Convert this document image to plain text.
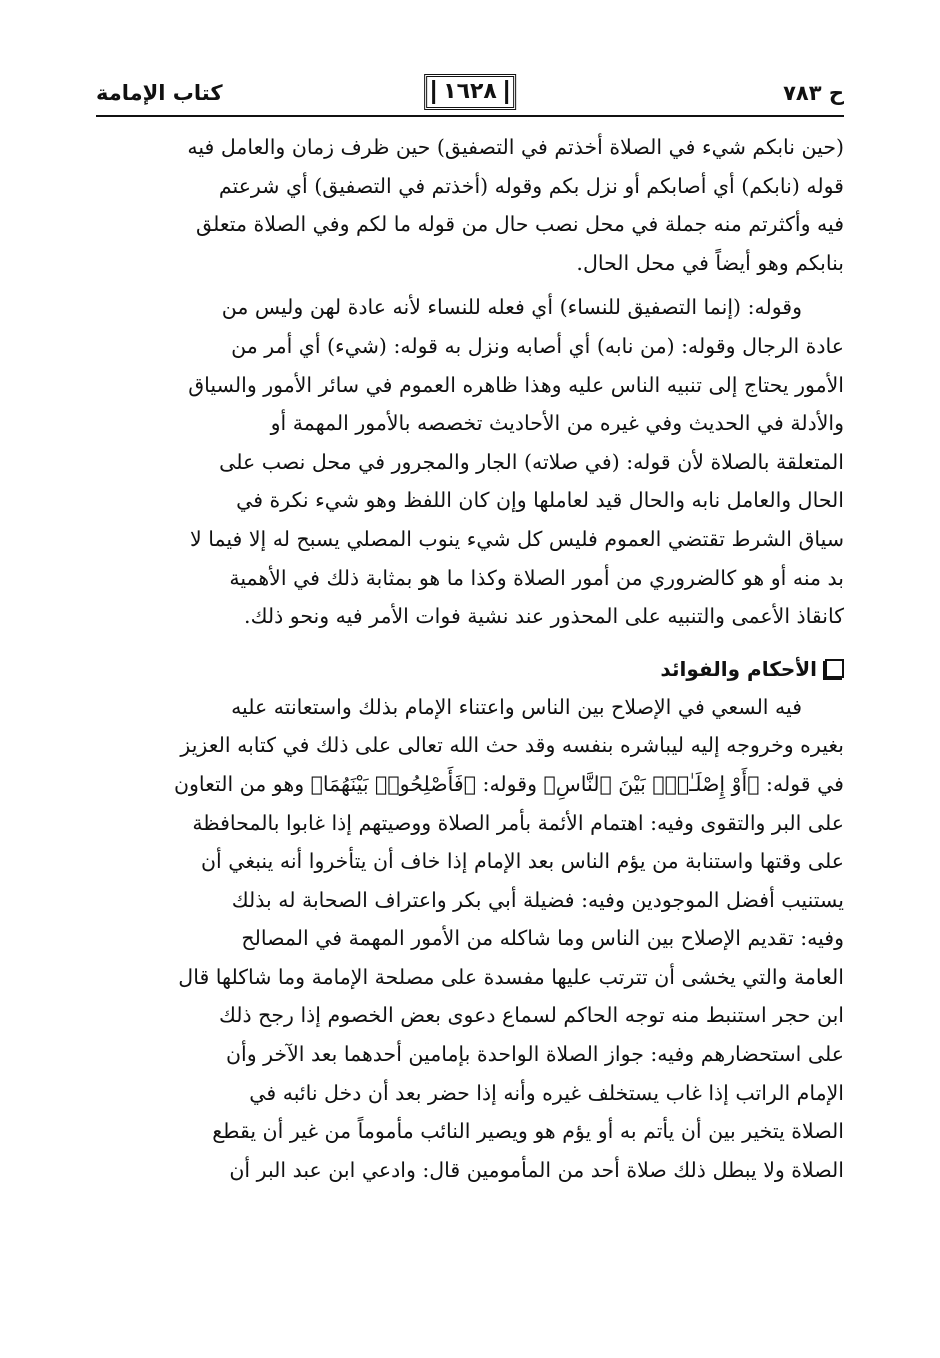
ح ٧٨٣
١٦٢٨
كتاب الإمامة

(حين نابكم شيء في الصلاة أخذتم في التصفيق) حين ظرف زمان والعامل فيه

قوله (نابكم) أي أصابكم أو نزل بكم وقوله (أخذتم في التصفيق) أي شرعتم

فيه وأكثرتم منه جملة في محل نصب حال من قوله ما لكم وفي الصلاة متعلق

بنابكم وهو أيضاً في محل الحال.

وقوله: (إنما التصفيق للنساء) أي فعله للنساء لأنه عادة لهن وليس من

عادة الرجال وقوله: (من نابه) أي أصابه ونزل به قوله: (شيء) أي أمر من

الأمور يحتاج إلى تنبيه الناس عليه وهذا ظاهره العموم في سائر الأمور والسياق

والأدلة في الحديث وفي غيره من الأحاديث تخصصه بالأمور المهمة أو

المتعلقة بالصلاة لأن قوله: (في صلاته) الجار والمجرور في محل نصب على

الحال والعامل نابه والحال قيد لعاملها وإن كان اللفظ وهو شيء نكرة في

سياق الشرط تقتضي العموم فليس كل شيء ينوب المصلي يسبح له إلا فيما لا

بد منه أو هو كالضروري من أمور الصلاة وكذا ما هو بمثابة ذلك في الأهمية

كانقاذ الأعمى والتنبيه على المحذور عند نشية فوات الأمر فيه ونحو ذلك.

الأحكام والفوائد

فيه السعي في الإصلاح بين الناس واعتناء الإمام بذلك واستعانته عليه

بغيره وخروجه إليه ليباشره بنفسه وقد حث الله تعالى على ذلك في كتابه العزيز

في قوله: ﴿أَوْ إِصْلَـٰحٍۭ بَيْنَ ٱلنَّاسِ﴾ وقوله: ﴿فَأَصْلِحُوا۟ بَيْنَهُمَا﴾ وهو من التعاون

على البر والتقوى وفيه: اهتمام الأئمة بأمر الصلاة ووصيتهم إذا غابوا بالمحافظة

على وقتها واستنابة من يؤم الناس بعد الإمام إذا خاف أن يتأخروا أنه ينبغي أن

يستنيب أفضل الموجودين وفيه: فضيلة أبي بكر واعتراف الصحابة له بذلك

وفيه: تقديم الإصلاح بين الناس وما شاكله من الأمور المهمة في المصالح

العامة والتي يخشى أن تترتب عليها مفسدة على مصلحة الإمامة وما شاكلها قال

ابن حجر استنبط منه توجه الحاكم لسماع دعوى بعض الخصوم إذا رجح ذلك

على استحضارهم وفيه: جواز الصلاة الواحدة بإمامين أحدهما بعد الآخر وأن

الإمام الراتب إذا غاب يستخلف غيره وأنه إذا حضر بعد أن دخل نائبه في

الصلاة يتخير بين أن يأتم به أو يؤم هو ويصير النائب مأموماً من غير أن يقطع

الصلاة ولا يبطل ذلك صلاة أحد من المأمومين قال: وادعي ابن عبد البر أن
